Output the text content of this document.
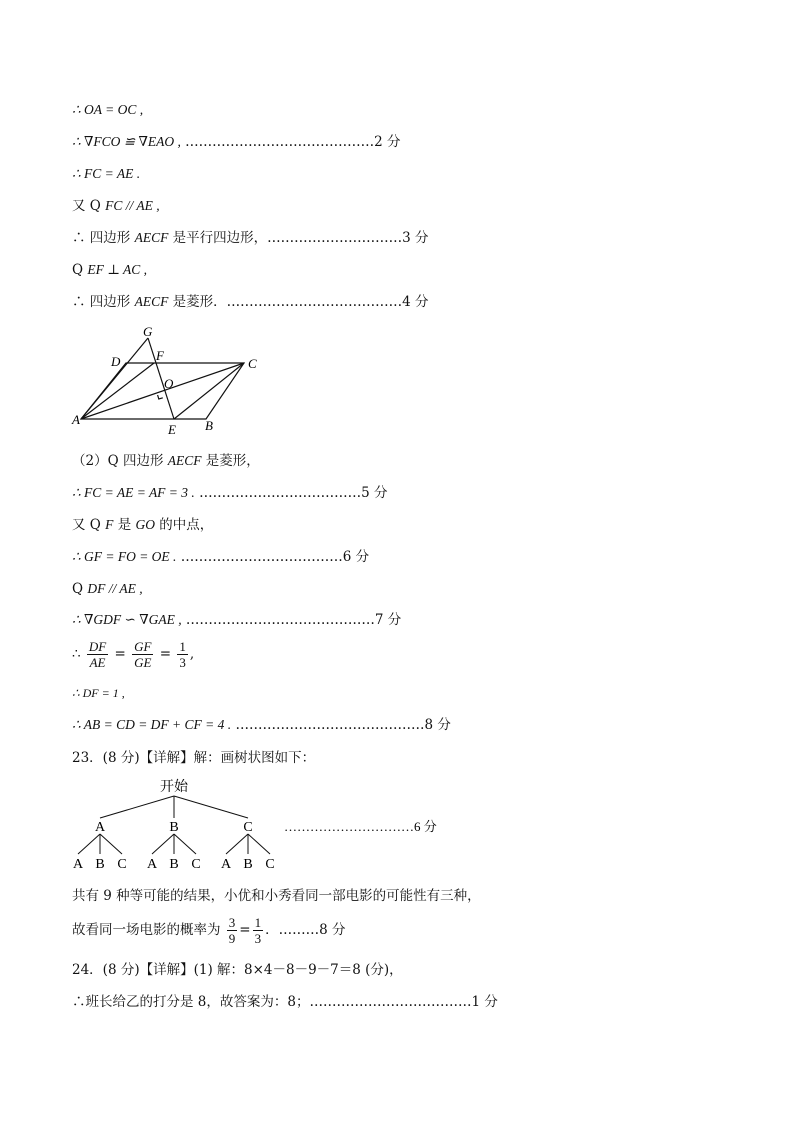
∴ OA = OC ,
∴ ∇FCO ≌ ∇EAO , ……………………………………2 分
∴ FC = AE .
又 Q FC // AE ,
∴ 四边形 AECF 是平行四边形，…………………………3 分
Q EF ⊥ AC ,
∴ 四边形 AECF 是菱形．…………………………………4 分
G
D	F
C
O
A
E B
（2）Q 四边形 AECF 是菱形，
∴ FC = AE = AF = 3 . ………………………………5 分
又 Q F 是 GO 的中点，
∴ GF = FO = OE . ………………………………6 分
Q DF // AE ,
∴ ∇GDF ∽ ∇GAE , ……………………………………7 分
∴ $\frac{DF}{AE} = \frac{GF}{GE} = \frac{1}{3}$ ,
∴ DF = 1 ,
∴ AB = CD = DF + CF = 4 . ……………………………………8 分
23．(8 分)【详解】解：画树状图如下：
开始
A	B	C
A B C A B C A B C
…………………………6 分
共有 9 种等可能的结果，小优和小秀看同一部电影的可能性有三种，
故看同一场电影的概率为 $\frac{3}{9} = \frac{1}{3}$ ．………8 分
24．(8 分)【详解】(1) 解：8×4－8－9－7＝8 (分)，
∴班长给乙的打分是 8，故答案为：8；………………………………1 分
